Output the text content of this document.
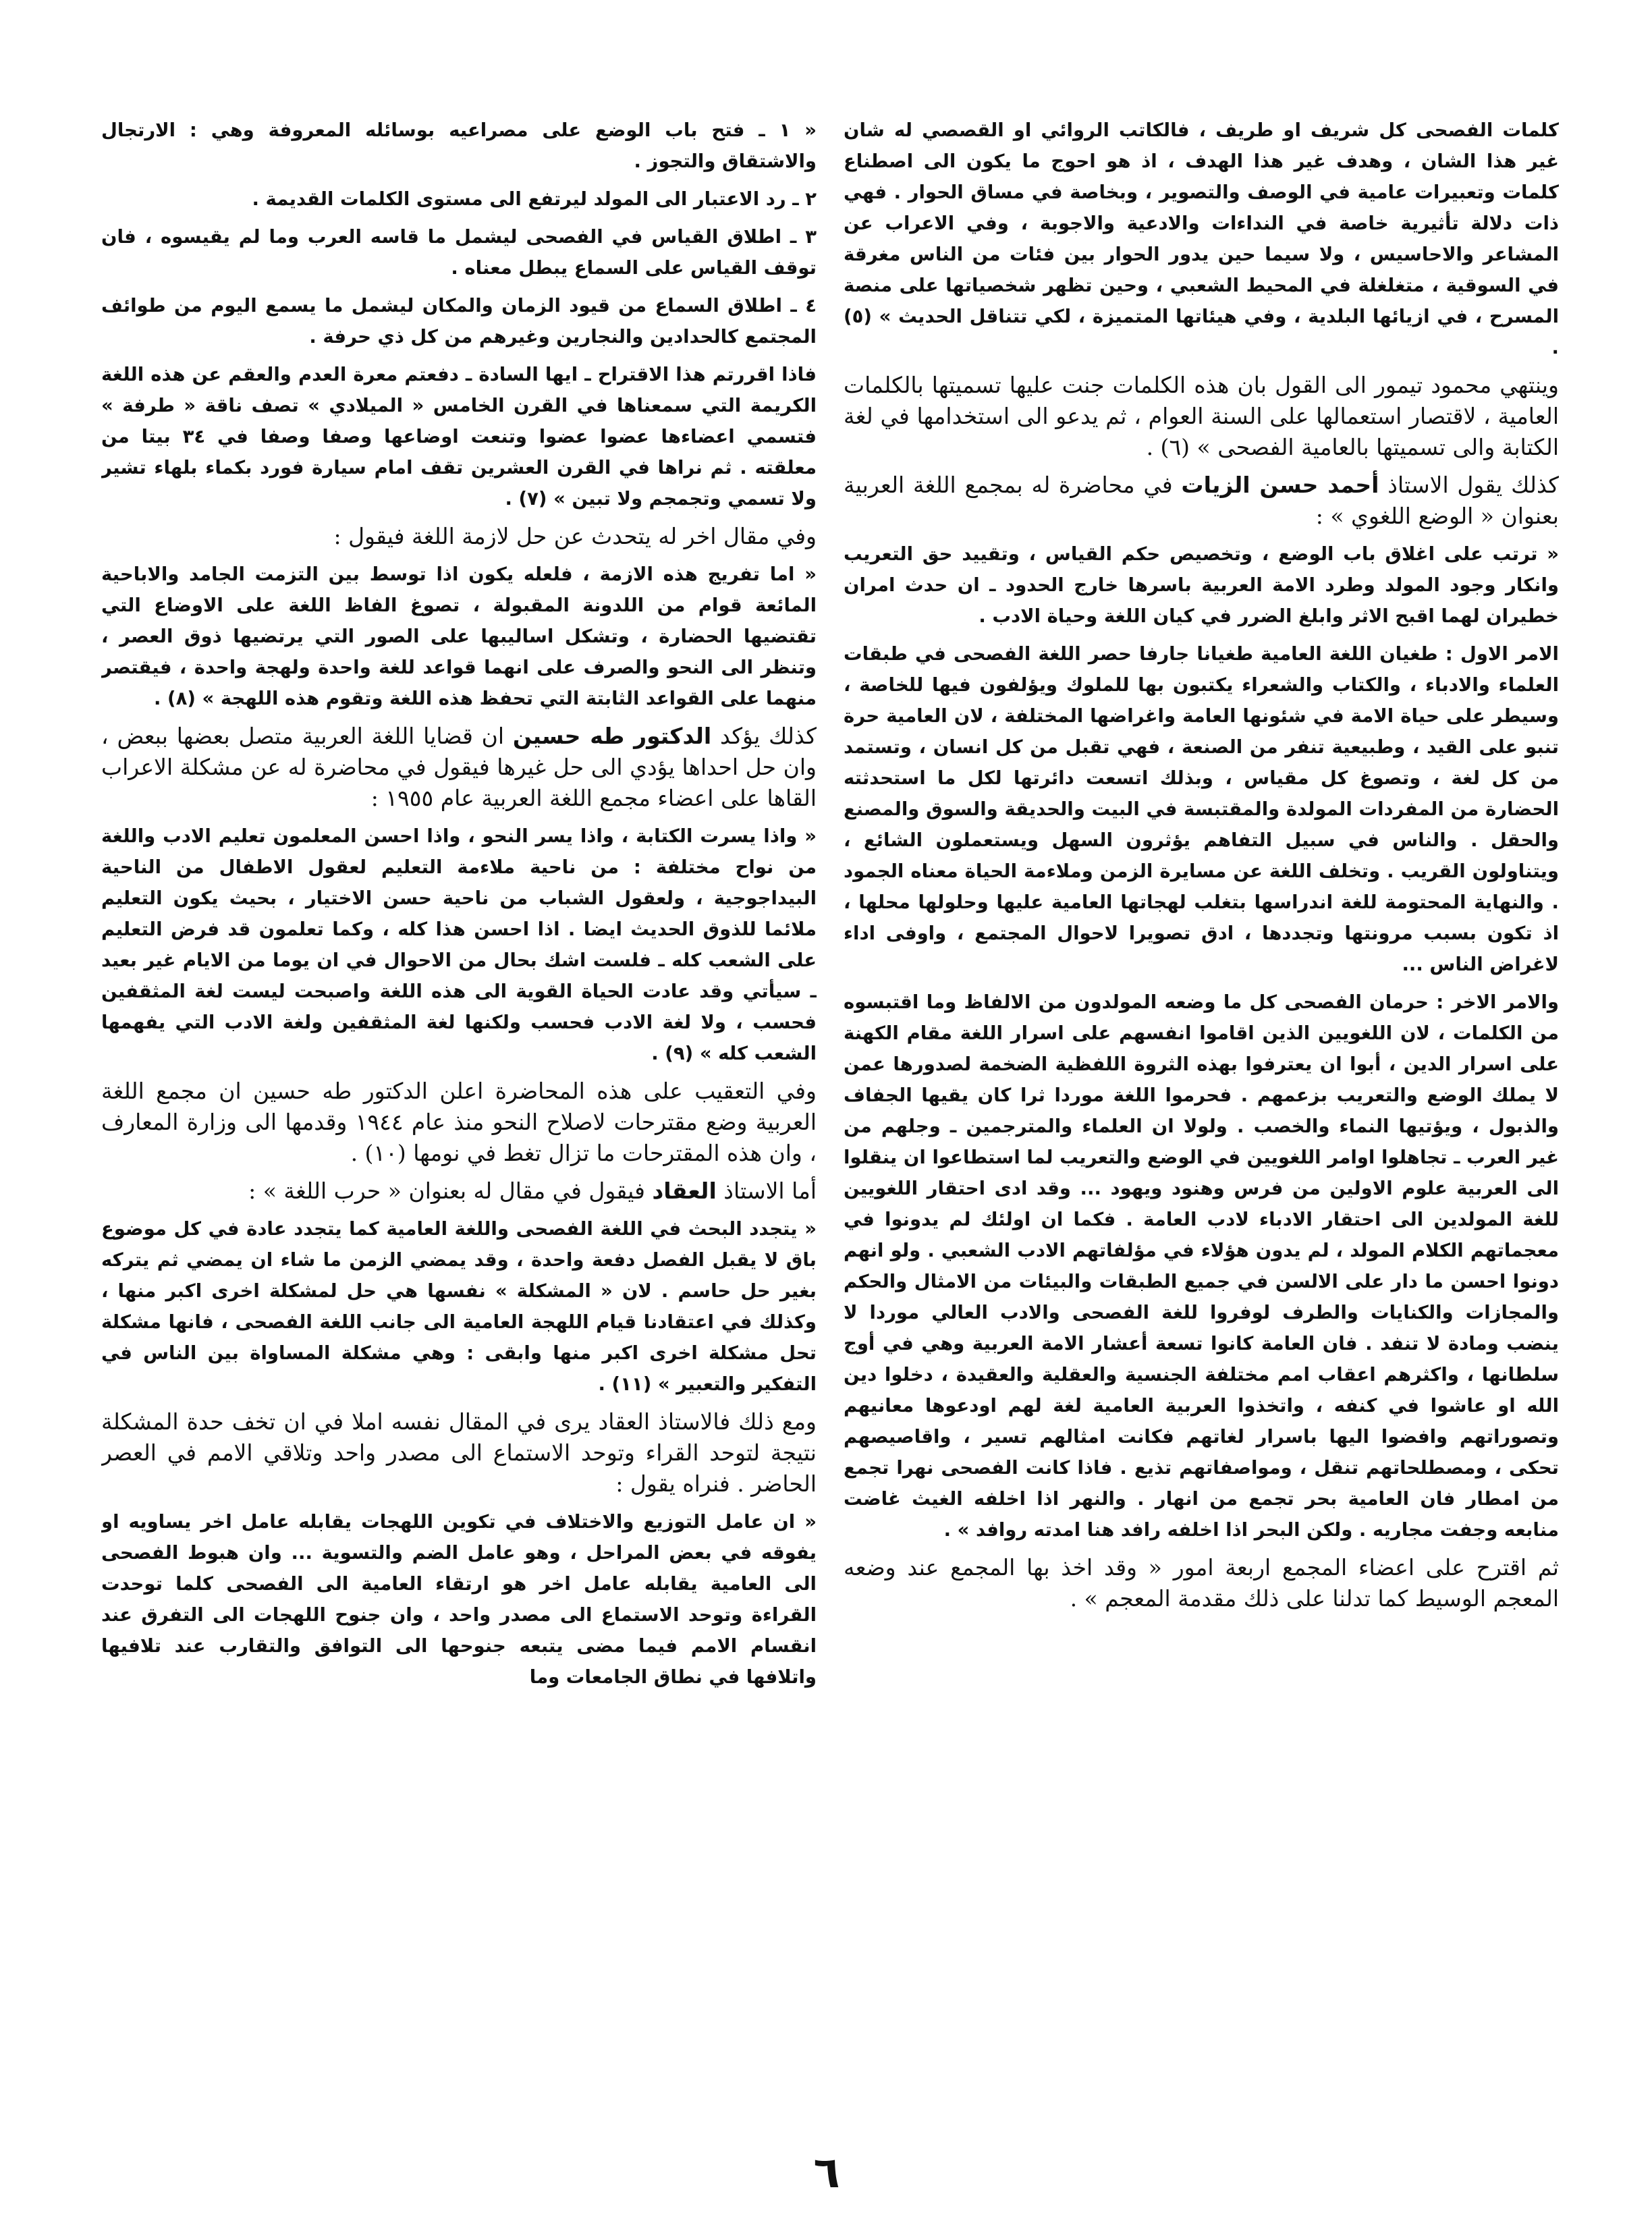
كلمات الفصحى كل شريف او طريف ، فالكاتب الروائي او القصصي له شان غير هذا الشان ، وهدف غير هذا الهدف ، اذ هو احوج ما يكون الى اصطناع كلمات وتعبيرات عامية في الوصف والتصوير ، وبخاصة في مساق الحوار . فهي ذات دلالة تأثيرية خاصة في النداءات والادعية والاجوبة ، وفي الاعراب عن المشاعر والاحاسيس ، ولا سيما حين يدور الحوار بين فئات من الناس مغرقة في السوقية ، متغلغلة في المحيط الشعبي ، وحين تظهر شخصياتها على منصة المسرح ، في ازيائها البلدية ، وفي هيئاتها المتميزة ، لكي تتناقل الحديث » (٥) .

وينتهي محمود تيمور الى القول بان هذه الكلمات جنت عليها تسميتها بالكلمات العامية ، لاقتصار استعمالها على السنة العوام ، ثم يدعو الى استخدامها في لغة الكتابة والى تسميتها بالعامية الفصحى » (٦) .

كذلك يقول الاستاذ أحمد حسن الزيات في محاضرة له بمجمع اللغة العربية بعنوان « الوضع اللغوي » :

« ترتب على اغلاق باب الوضع ، وتخصيص حكم القياس ، وتقييد حق التعريب وانكار وجود المولد وطرد الامة العربية باسرها خارج الحدود ـ ان حدث امران خطيران لهما اقبح الاثر وابلغ الضرر في كيان اللغة وحياة الادب .

الامر الاول : طغيان اللغة العامية طغيانا جارفا حصر اللغة الفصحى في طبقات العلماء والادباء ، والكتاب والشعراء يكتبون بها للملوك ويؤلفون فيها للخاصة ، وسيطر على حياة الامة في شئونها العامة واغراضها المختلفة ، لان العامية حرة تنبو على القيد ، وطبيعية تنفر من الصنعة ، فهي تقبل من كل انسان ، وتستمد من كل لغة ، وتصوغ كل مقياس ، وبذلك اتسعت دائرتها لكل ما استحدثته الحضارة من المفردات المولدة والمقتبسة في البيت والحديقة والسوق والمصنع والحقل . والناس في سبيل التفاهم يؤثرون السهل ويستعملون الشائع ، ويتناولون القريب . وتخلف اللغة عن مسايرة الزمن وملاءمة الحياة معناه الجمود . والنهاية المحتومة للغة اندراسها بتغلب لهجاتها العامية عليها وحلولها محلها ، اذ تكون بسبب مرونتها وتجددها ، ادق تصويرا لاحوال المجتمع ، واوفى اداء لاغراض الناس ...

والامر الاخر : حرمان الفصحى كل ما وضعه المولدون من الالفاظ وما اقتبسوه من الكلمات ، لان اللغويين الذين اقاموا انفسهم على اسرار اللغة مقام الكهنة على اسرار الدين ، أبوا ان يعترفوا بهذه الثروة اللفظية الضخمة لصدورها عمن لا يملك الوضع والتعريب بزعمهم . فحرموا اللغة موردا ثرا كان يقيها الجفاف والذبول ، ويؤتيها النماء والخصب . ولولا ان العلماء والمترجمين ـ وجلهم من غير العرب ـ تجاهلوا اوامر اللغويين في الوضع والتعريب لما استطاعوا ان ينقلوا الى العربية علوم الاولين من فرس وهنود ويهود ... وقد ادى احتقار اللغويين للغة المولدين الى احتقار الادباء لادب العامة . فكما ان اولئك لم يدونوا في معجماتهم الكلام المولد ، لم يدون هؤلاء في مؤلفاتهم الادب الشعبي . ولو انهم دونوا احسن ما دار على الالسن في جميع الطبقات والبيئات من الامثال والحكم والمجازات والكنايات والطرف لوفروا للغة الفصحى والادب العالي موردا لا ينضب ومادة لا تنفد . فان العامة كانوا تسعة أعشار الامة العربية وهي في أوج سلطانها ، واكثرهم اعقاب امم مختلفة الجنسية والعقلية والعقيدة ، دخلوا دين الله او عاشوا في كنفه ، واتخذوا العربية العامية لغة لهم اودعوها معانيهم وتصوراتهم وافضوا اليها باسرار لغاتهم فكانت امثالهم تسير ، واقاصيصهم تحكى ، ومصطلحاتهم تنقل ، ومواصفاتهم تذيع . فاذا كانت الفصحى نهرا تجمع من امطار فان العامية بحر تجمع من انهار . والنهر اذا اخلفه الغيث غاضت منابعه وجفت مجاريه . ولكن البحر اذا اخلفه رافد هنا امدته روافد » .

ثم اقترح على اعضاء المجمع اربعة امور « وقد اخذ بها المجمع عند وضعه المعجم الوسيط كما تدلنا على ذلك مقدمة المعجم » .

« ١ ـ فتح باب الوضع على مصراعيه بوسائله المعروفة وهي : الارتجال والاشتقاق والتجوز .

٢ ـ رد الاعتبار الى المولد ليرتفع الى مستوى الكلمات القديمة .

٣ ـ اطلاق القياس في الفصحى ليشمل ما قاسه العرب وما لم يقيسوه ، فان توقف القياس على السماع يبطل معناه .

٤ ـ اطلاق السماع من قيود الزمان والمكان ليشمل ما يسمع اليوم من طوائف المجتمع كالحدادين والنجارين وغيرهم من كل ذي حرفة .

فاذا اقررتم هذا الاقتراح ـ ايها السادة ـ دفعتم معرة العدم والعقم عن هذه اللغة الكريمة التي سمعناها في القرن الخامس « الميلادي » تصف ناقة « طرفة » فتسمي اعضاءها عضوا عضوا وتنعت اوضاعها وصفا وصفا في ٣٤ بيتا من معلقته . ثم نراها في القرن العشرين تقف امام سيارة فورد بكماء بلهاء تشير ولا تسمي وتجمجم ولا تبين » (٧) .

وفي مقال اخر له يتحدث عن حل لازمة اللغة فيقول :

« اما تفريج هذه الازمة ، فلعله يكون اذا توسط بين التزمت الجامد والاباحية المائعة قوام من اللدونة المقبولة ، تصوغ الفاظ اللغة على الاوضاع التي تقتضيها الحضارة ، وتشكل اساليبها على الصور التي يرتضيها ذوق العصر ، وتنظر الى النحو والصرف على انهما قواعد للغة واحدة ولهجة واحدة ، فيقتصر منهما على القواعد الثابتة التي تحفظ هذه اللغة وتقوم هذه اللهجة » (٨) .

كذلك يؤكد الدكتور طه حسين ان قضايا اللغة العربية متصل بعضها ببعض ، وان حل احداها يؤدي الى حل غيرها فيقول في محاضرة له عن مشكلة الاعراب القاها على اعضاء مجمع اللغة العربية عام ١٩٥٥ :

« واذا يسرت الكتابة ، واذا يسر النحو ، واذا احسن المعلمون تعليم الادب واللغة من نواح مختلفة : من ناحية ملاءمة التعليم لعقول الاطفال من الناحية البيداجوجية ، ولعقول الشباب من ناحية حسن الاختيار ، بحيث يكون التعليم ملائما للذوق الحديث ايضا . اذا احسن هذا كله ، وكما تعلمون قد فرض التعليم على الشعب كله ـ فلست اشك بحال من الاحوال في ان يوما من الايام غير بعيد ـ سيأتي وقد عادت الحياة القوية الى هذه اللغة واصبحت ليست لغة المثقفين فحسب ، ولا لغة الادب فحسب ولكنها لغة المثقفين ولغة الادب التي يفهمها الشعب كله » (٩) .

وفي التعقيب على هذه المحاضرة اعلن الدكتور طه حسين ان مجمع اللغة العربية وضع مقترحات لاصلاح النحو منذ عام ١٩٤٤ وقدمها الى وزارة المعارف ، وان هذه المقترحات ما تزال تغط في نومها (١٠) .

أما الاستاذ العقاد فيقول في مقال له بعنوان « حرب اللغة » :

« يتجدد البحث في اللغة الفصحى واللغة العامية كما يتجدد عادة في كل موضوع باق لا يقبل الفصل دفعة واحدة ، وقد يمضي الزمن ما شاء ان يمضي ثم يتركه بغير حل حاسم . لان « المشكلة » نفسها هي حل لمشكلة اخرى اكبر منها ، وكذلك في اعتقادنا قيام اللهجة العامية الى جانب اللغة الفصحى ، فانها مشكلة تحل مشكلة اخرى اكبر منها وابقى : وهي مشكلة المساواة بين الناس في التفكير والتعبير » (١١) .

ومع ذلك فالاستاذ العقاد يرى في المقال نفسه املا في ان تخف حدة المشكلة نتيجة لتوحد القراء وتوحد الاستماع الى مصدر واحد وتلاقي الامم في العصر الحاضر . فنراه يقول :

« ان عامل التوزيع والاختلاف في تكوين اللهجات يقابله عامل اخر يساويه او يفوقه في بعض المراحل ، وهو عامل الضم والتسوية ... وان هبوط الفصحى الى العامية يقابله عامل اخر هو ارتقاء العامية الى الفصحى كلما توحدت القراءة وتوحد الاستماع الى مصدر واحد ، وان جنوح اللهجات الى التفرق عند انقسام الامم فيما مضى يتبعه جنوحها الى التوافق والتقارب عند تلافيها واتلافها في نطاق الجامعات وما

٦
